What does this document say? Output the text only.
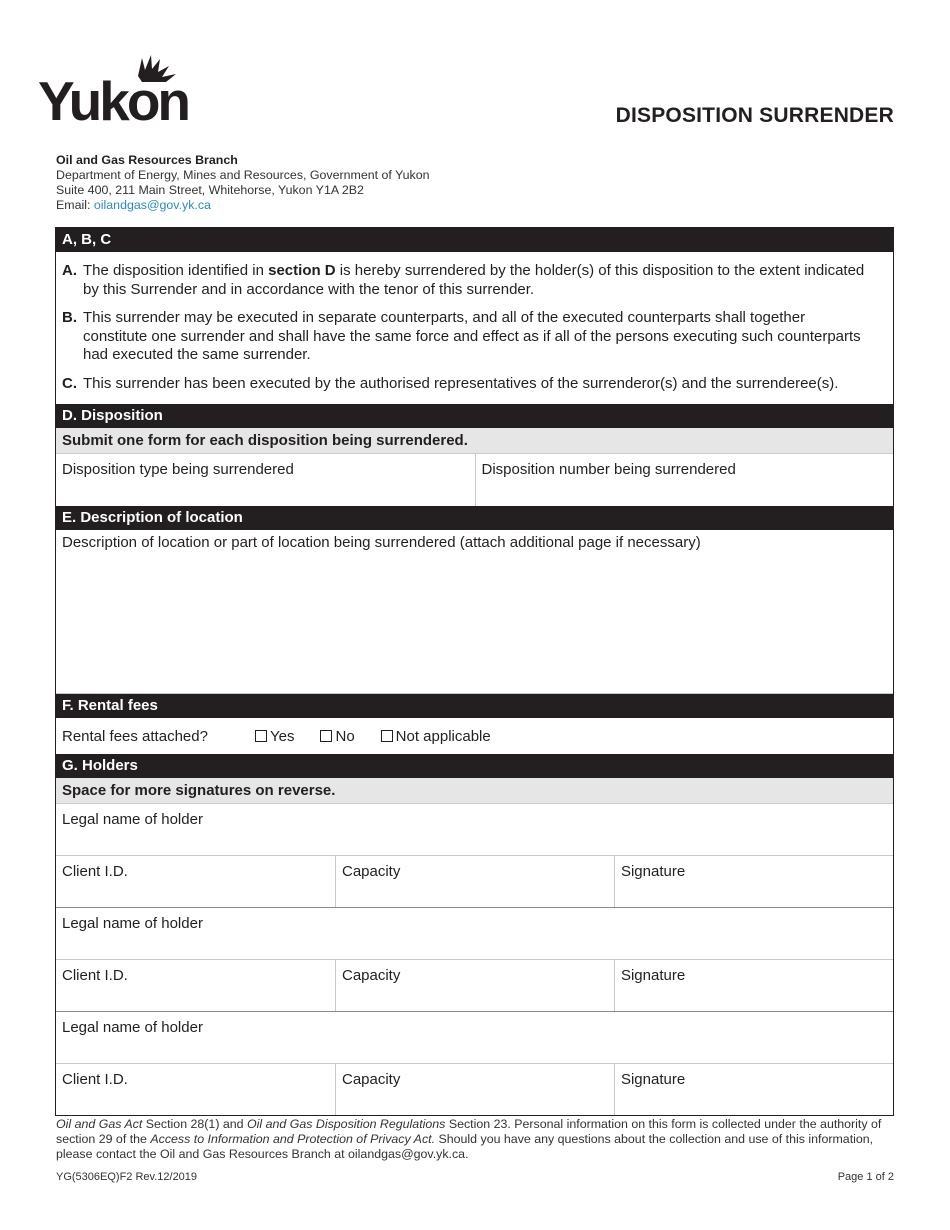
Yukon	DISPOSITION SURRENDER
Oil and Gas Resources Branch
Department of Energy, Mines and Resources, Government of Yukon
Suite 400, 211 Main Street, Whitehorse, Yukon Y1A 2B2
Email: oilandgas@gov.yk.ca
A, B, C

A. The disposition identified in section D is hereby surrendered by the holder(s) of this disposition to the extent indicated by this Surrender and in accordance with the tenor of this surrender.

B. This surrender may be executed in separate counterparts, and all of the executed counterparts shall together constitute one surrender and shall have the same force and effect as if all of the persons executing such counterparts had executed the same surrender.

C. This surrender has been executed by the authorised representatives of the surrenderor(s) and the surrenderee(s).

D. Disposition
Submit one form for each disposition being surrendered.
Disposition type being surrendered	Disposition number being surrendered
E. Description of location
Description of location or part of location being surrendered (attach additional page if necessary)
F. Rental fees
Rental fees attached?	Yes	No	Not applicable
G. Holders
Space for more signatures on reverse.
Legal name of holder
Client I.D.	Capacity	Signature
Legal name of holder
Client I.D.	Capacity	Signature
Legal name of holder
Client I.D.	Capacity	Signature
Oil and Gas Act Section 28(1) and Oil and Gas Disposition Regulations Section 23. Personal information on this form is collected under the authority of section 29 of the Access to Information and Protection of Privacy Act. Should you have any questions about the collection and use of this information, please contact the Oil and Gas Resources Branch at oilandgas@gov.yk.ca.
YG(5306EQ)F2 Rev.12/2019	Page 1 of 2
